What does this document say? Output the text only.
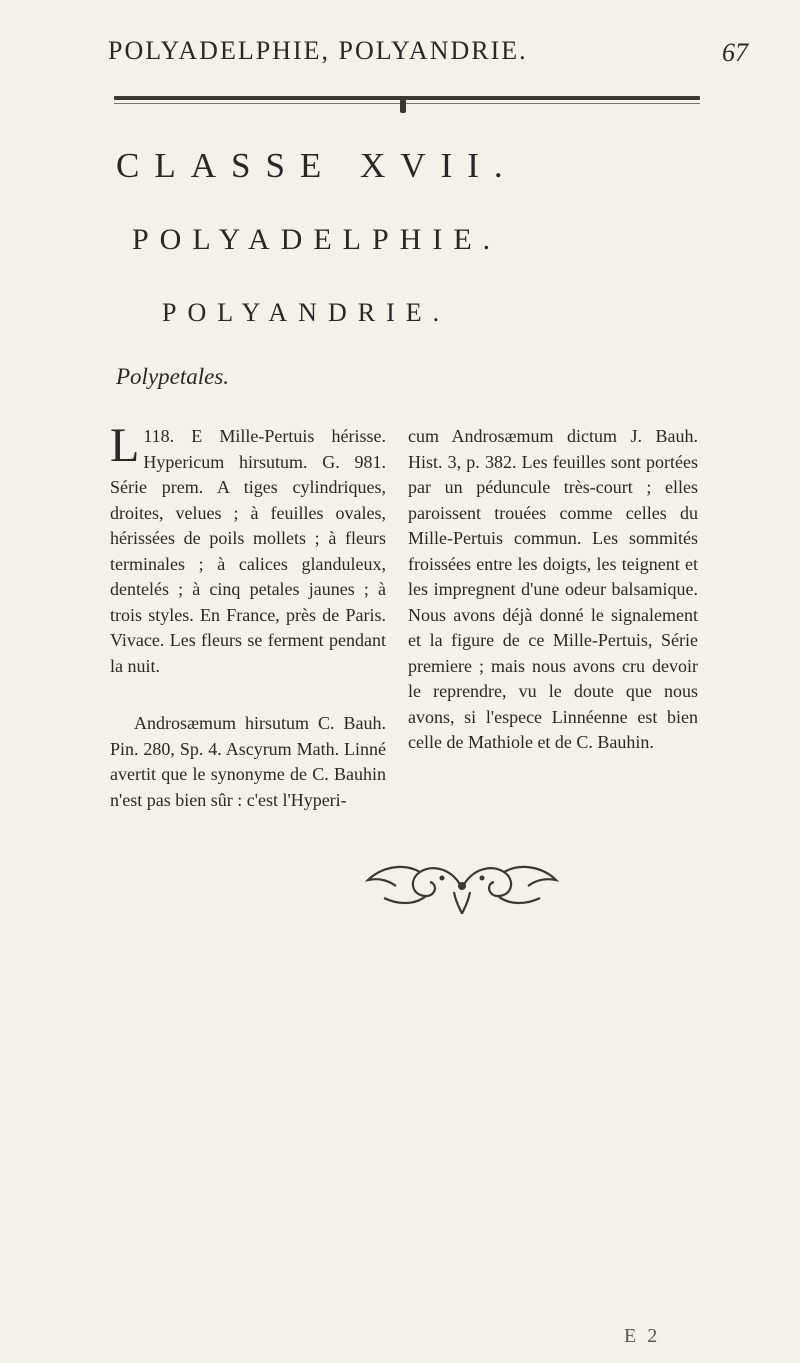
POLYADELPHIE, POLYANDRIE.	67
CLASSE XVII.
POLYADELPHIE.
POLYANDRIE.
Polypetales.

L 118. E Mille-Pertuis hérisse. Hypericum hirsutum. G. 981. Série prem. A tiges cylindriques, droites, velues ; à feuilles ovales, hérissées de poils mollets ; à fleurs terminales ; à calices glanduleux, dentelés ; à cinq petales jaunes ; à trois styles. En France, près de Paris. Vivace. Les fleurs se ferment pendant la nuit.

Androsæmum hirsutum C. Bauh. Pin. 280, Sp. 4. Ascyrum Math. Linné avertit que le synonyme de C. Bauhin n'est pas bien sûr : c'est l'Hyperi-

cum Androsæmum dictum J. Bauh. Hist. 3, p. 382. Les feuilles sont portées par un péduncule très-court ; elles paroissent trouées comme celles du Mille-Pertuis commun. Les sommités froissées entre les doigts, les teignent et les impregnent d'une odeur balsamique. Nous avons déjà donné le signalement et la figure de ce Mille-Pertuis, Série premiere ; mais nous avons cru devoir le reprendre, vu le doute que nous avons, si l'espece Linnéenne est bien celle de Mathiole et de C. Bauhin.

E 2
